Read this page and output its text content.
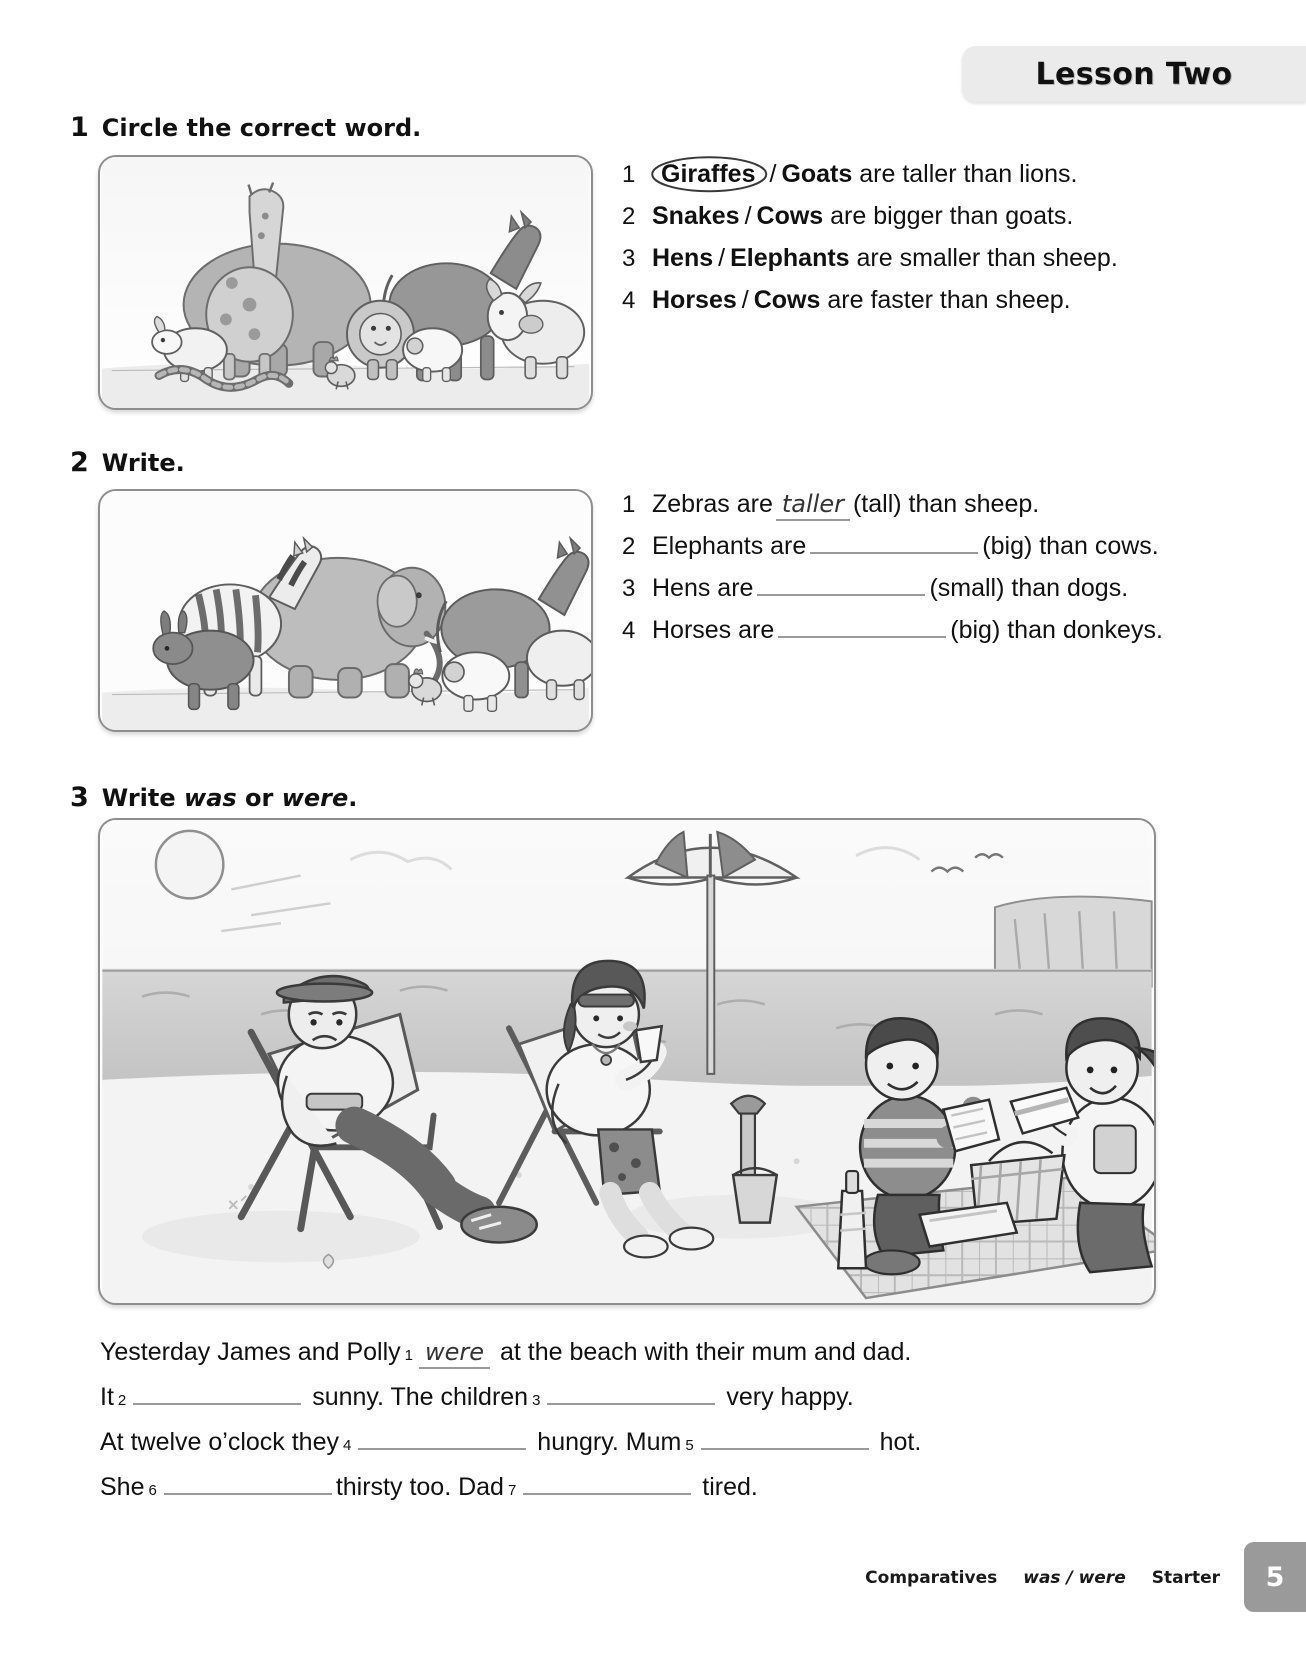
Lesson Two
1 Circle the correct word.
1	Giraffes / Goats
are taller than lions.
2 Snakes / Cows
are bigger than goats.
3 Hens / Elephants
are smaller than sheep.
4 Horses / Cows
are faster than sheep.
2 Write.
1 Zebras are taller (tall) than sheep.
2 Elephants are	(big) than cows.
3 Hens are	(small) than dogs.
4 Horses are	(big) than donkeys.
3 Write
was
or
were .
Yesterday James and Polly 1 were
at the beach with their mum and dad.
It 2
	sunny. The children 3
	very happy.
At twelve o’clock they 4
	hungry. Mum 5
	hot.
She 6	thirsty too. Dad 7
	tired.
Comparatives was / were Starter 5
